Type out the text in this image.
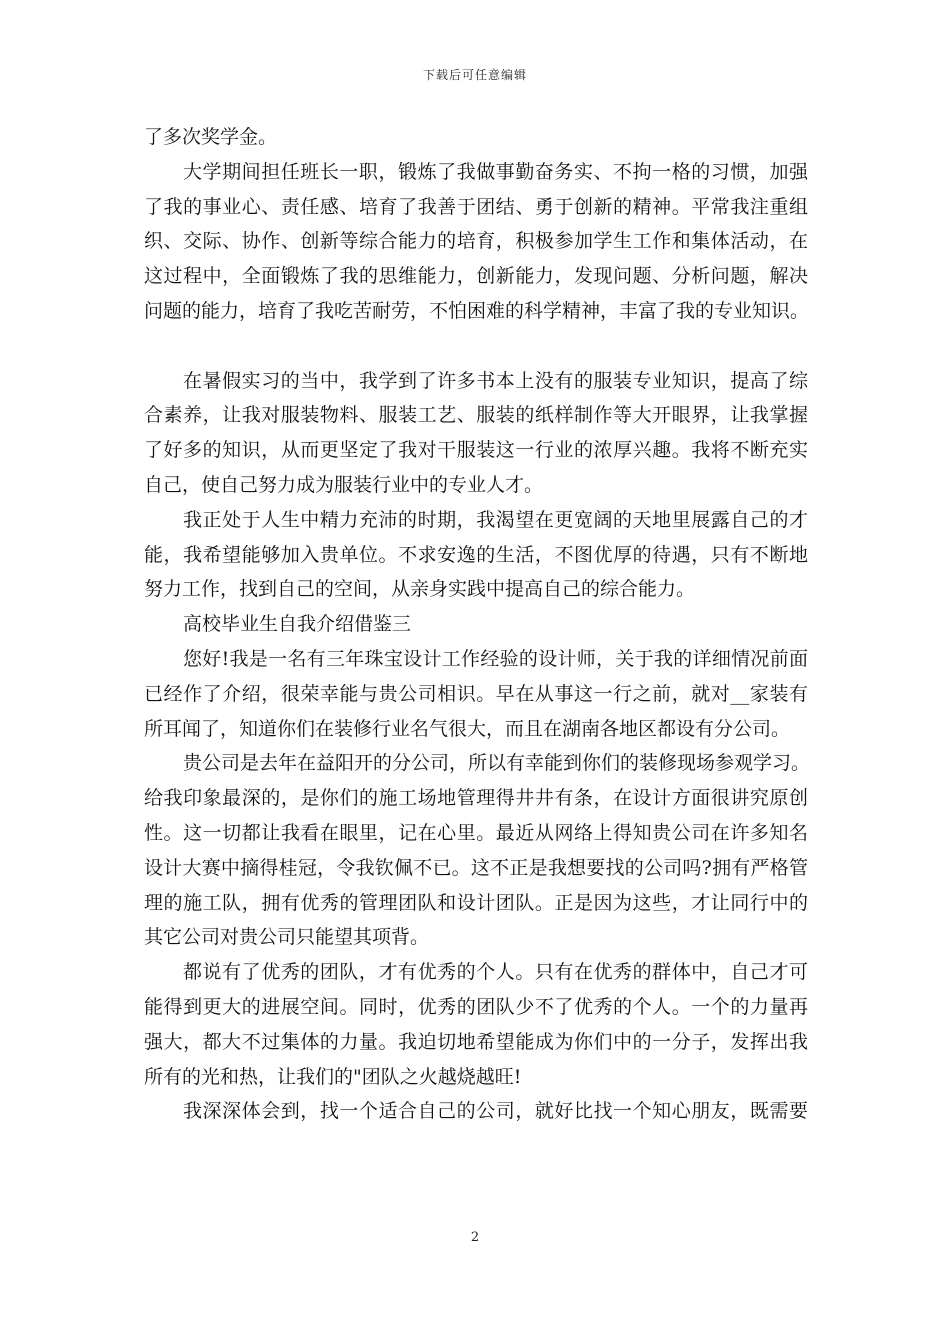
下载后可任意编辑
了多次奖学金。
大学期间担任班长一职，锻炼了我做事勤奋务实、不拘一格的习惯，加强
了我的事业心、责任感、培育了我善于团结、勇于创新的精神。平常我注重组
织、交际、协作、创新等综合能力的培育，积极参加学生工作和集体活动，在
这过程中，全面锻炼了我的思维能力，创新能力，发现问题、分析问题，解决
问题的能力，培育了我吃苦耐劳，不怕困难的科学精神，丰富了我的专业知识。
在暑假实习的当中，我学到了许多书本上没有的服装专业知识，提高了综
合素养，让我对服装物料、服装工艺、服装的纸样制作等大开眼界，让我掌握
了好多的知识，从而更坚定了我对干服装这一行业的浓厚兴趣。我将不断充实
自己，使自己努力成为服装行业中的专业人才。
我正处于人生中精力充沛的时期，我渴望在更宽阔的天地里展露自己的才
能，我希望能够加入贵单位。不求安逸的生活，不图优厚的待遇，只有不断地
努力工作，找到自己的空间，从亲身实践中提高自己的综合能力。
高校毕业生自我介绍借鉴三
您好!我是一名有三年珠宝设计工作经验的设计师，关于我的详细情况前面
已经作了介绍，很荣幸能与贵公司相识。早在从事这一行之前，就对__家装有
所耳闻了，知道你们在装修行业名气很大，而且在湖南各地区都设有分公司。
贵公司是去年在益阳开的分公司，所以有幸能到你们的装修现场参观学习。
给我印象最深的，是你们的施工场地管理得井井有条，在设计方面很讲究原创
性。这一切都让我看在眼里，记在心里。最近从网络上得知贵公司在许多知名
设计大赛中摘得桂冠，令我钦佩不已。这不正是我想要找的公司吗?拥有严格管
理的施工队，拥有优秀的管理团队和设计团队。正是因为这些，才让同行中的
其它公司对贵公司只能望其项背。
都说有了优秀的团队，才有优秀的个人。只有在优秀的群体中，自己才可
能得到更大的进展空间。同时，优秀的团队少不了优秀的个人。一个的力量再
强大，都大不过集体的力量。我迫切地希望能成为你们中的一分子，发挥出我
所有的光和热，让我们的"团队之火越烧越旺!
我深深体会到，找一个适合自己的公司，就好比找一个知心朋友，既需要
2
